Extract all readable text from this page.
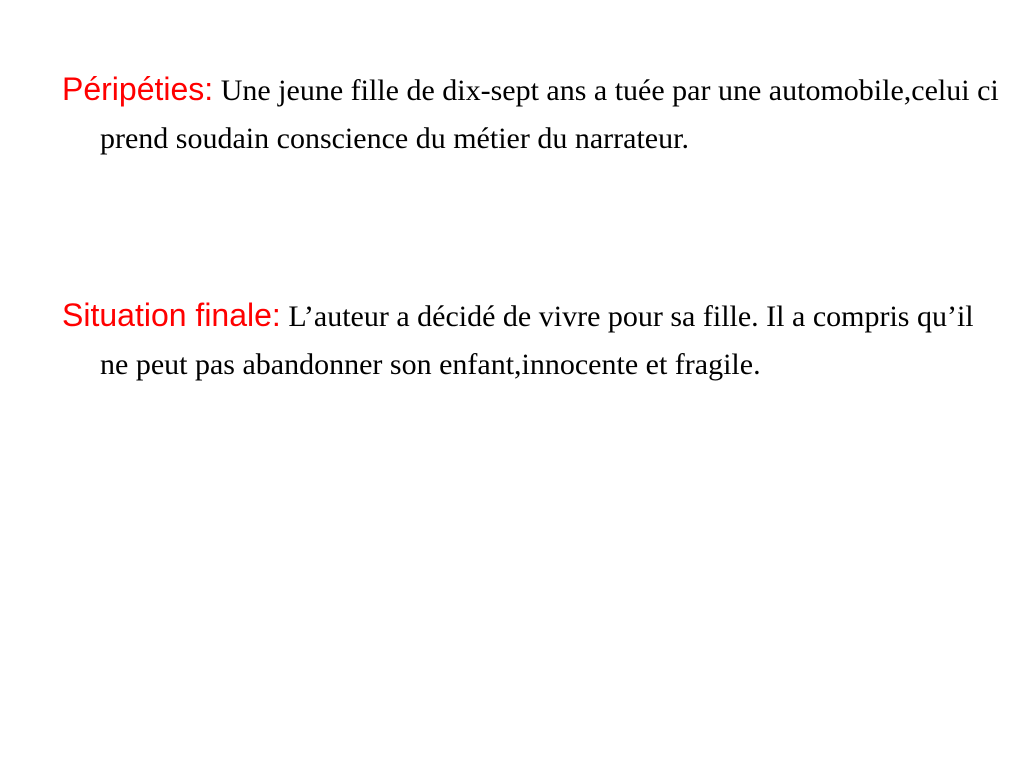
Péripéties: Une jeune fille de dix-sept ans a tuée par une automobile,celui ci prend soudain conscience du métier du narrateur.

Situation finale: L’auteur a décidé de vivre pour sa fille. Il a compris qu’il ne peut pas abandonner son enfant,innocente et fragile.
